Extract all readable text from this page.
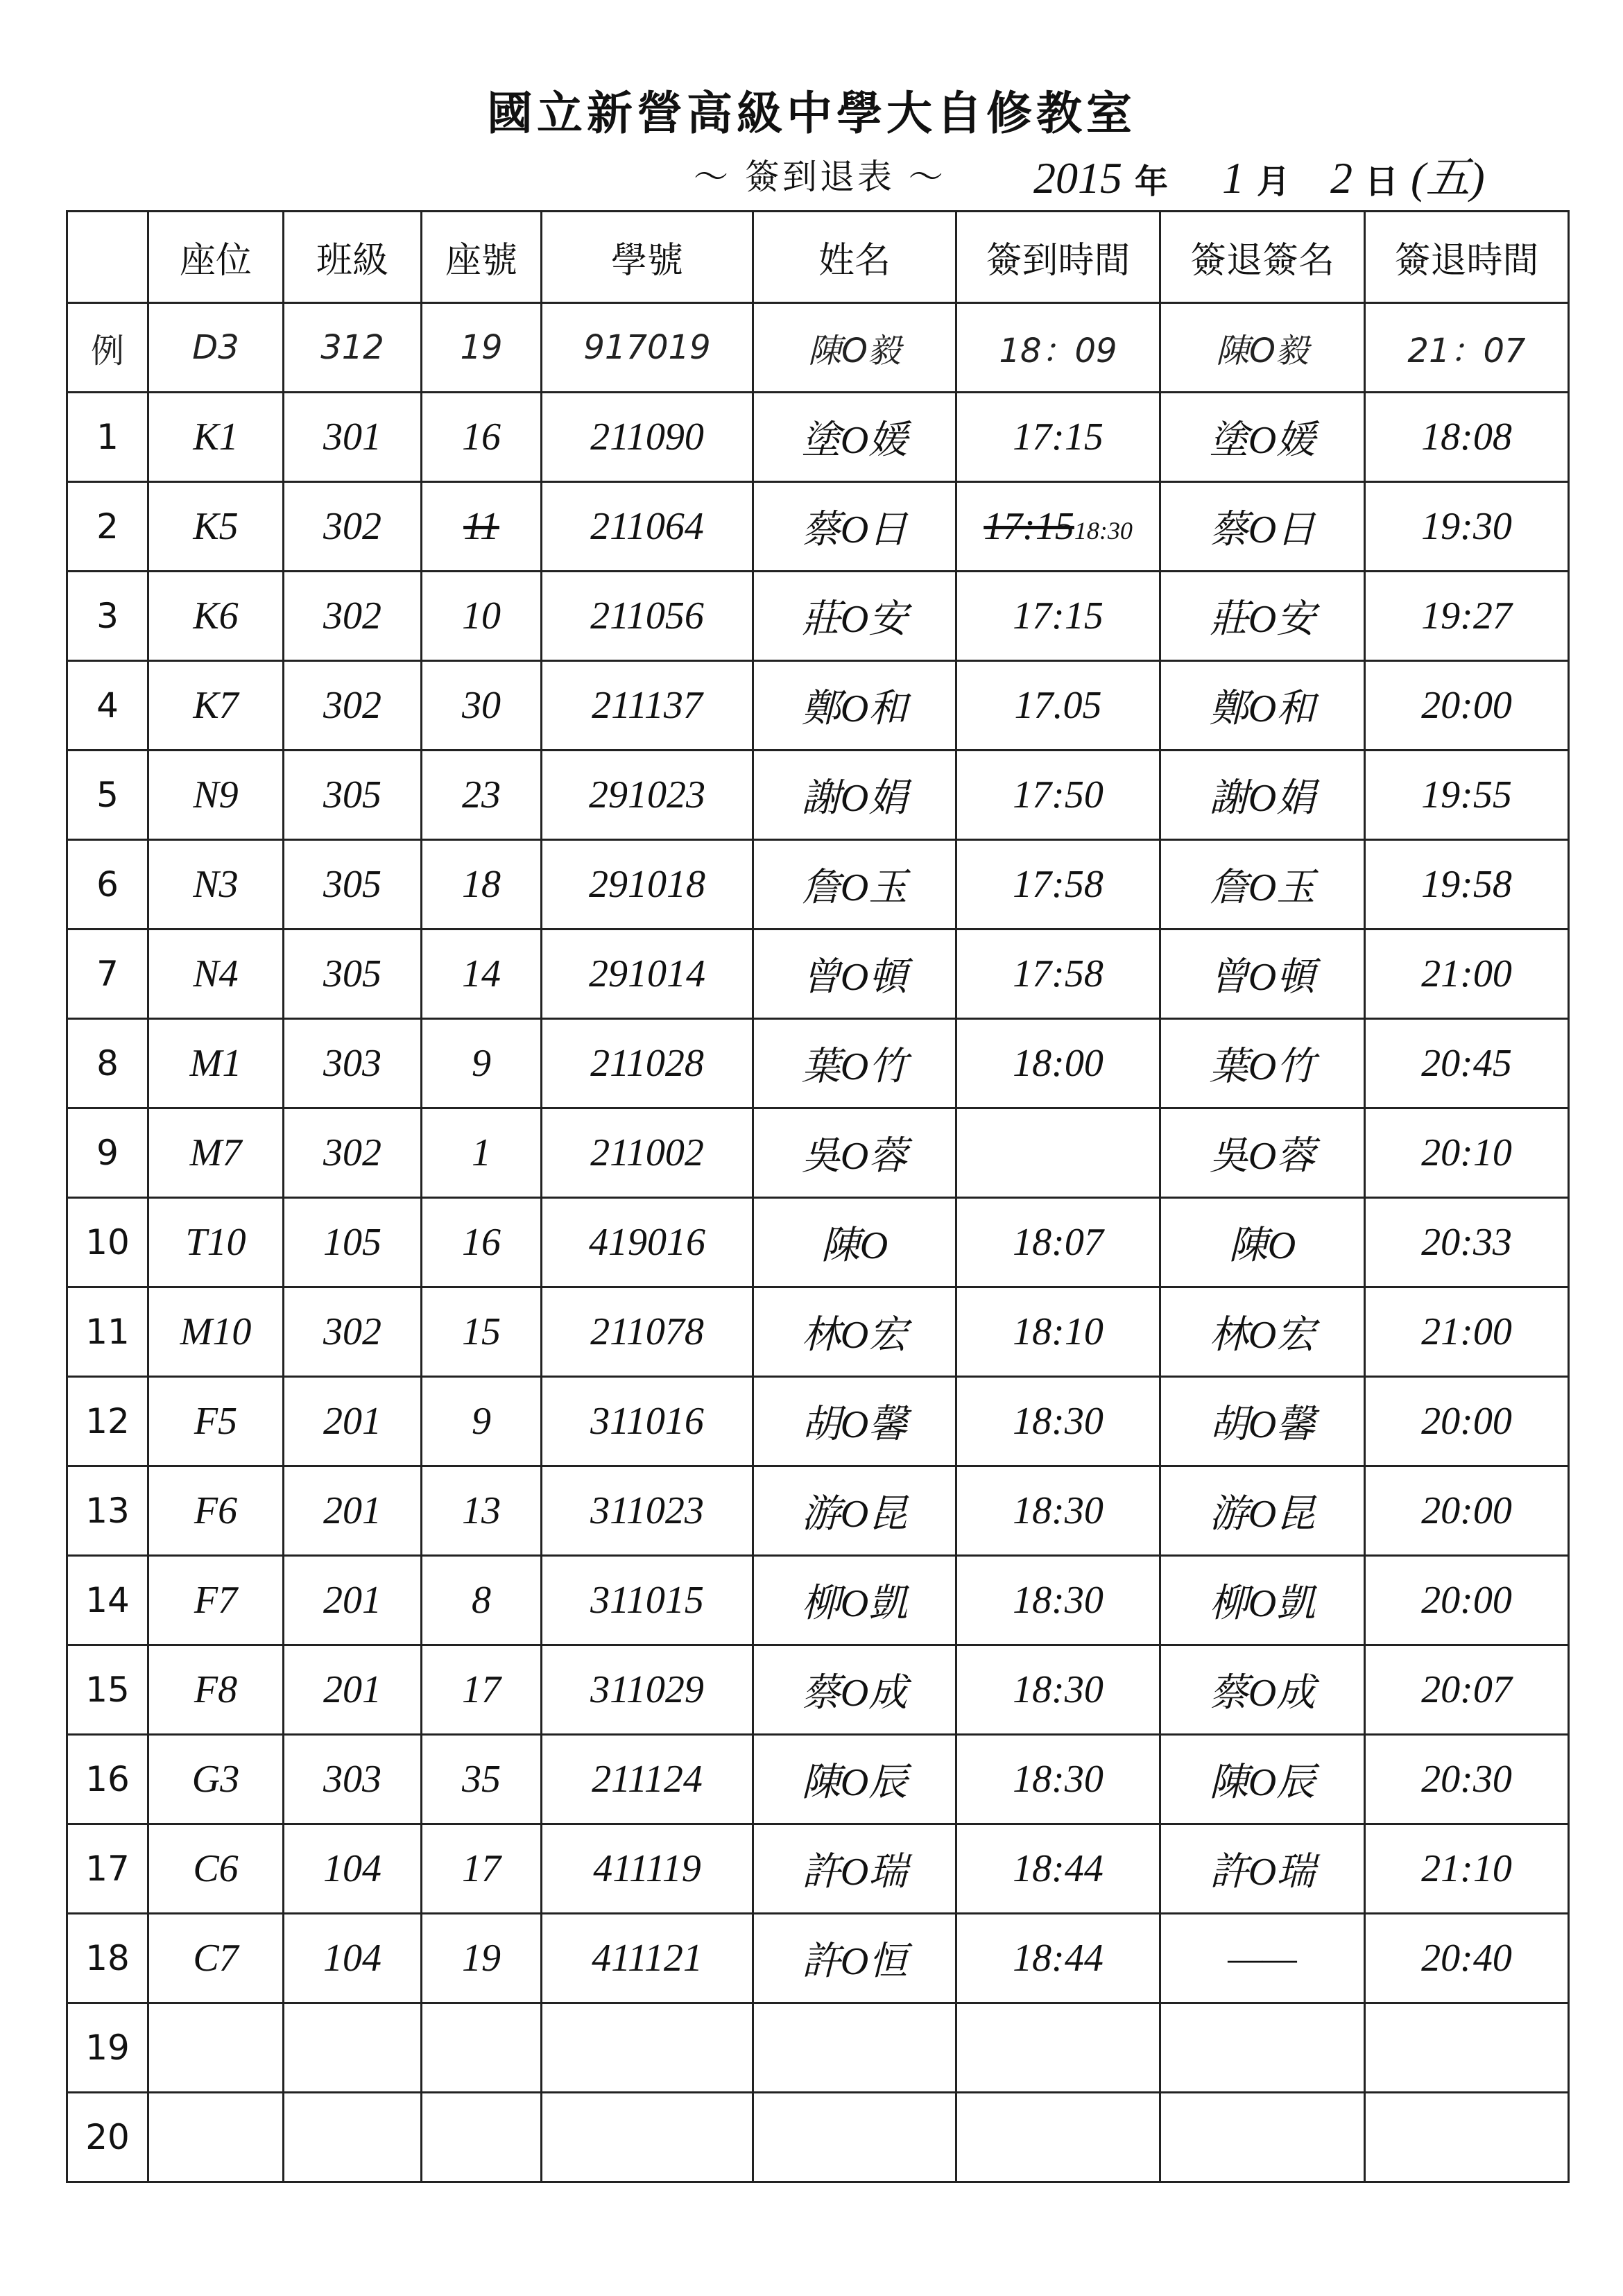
國立新營高級中學大自修教室
～ 簽到退表 ～ 2015 年 1 月 2 日 (五)
	座位	班級	座號	學號	姓名	簽到時間	簽退簽名	簽退時間
例	D3	312	19	917019	陳O毅	18：09	陳O毅	21：07
1	K1	301	16	211090	塗O媛	17:15	塗O媛	18:08
2	K5	302	11	211064	蔡O日	17:1518:30	蔡O日	19:30
3	K6	302	10	211056	莊O安	17:15	莊O安	19:27
4	K7	302	30	211137	鄭O和	17.05	鄭O和	20:00
5	N9	305	23	291023	謝O娟	17:50	謝O娟	19:55
6	N3	305	18	291018	詹O玉	17:58	詹O玉	19:58
7	N4	305	14	291014	曾O頓	17:58	曾O頓	21:00
8	M1	303	9	211028	葉O竹	18:00	葉O竹	20:45
9	M7	302	1	211002	吳O蓉		吳O蓉	20:10
10	T10	105	16	419016	陳O	18:07	陳O	20:33
11	M10	302	15	211078	林O宏	18:10	林O宏	21:00
12	F5	201	9	311016	胡O馨	18:30	胡O馨	20:00
13	F6	201	13	311023	游O昆	18:30	游O昆	20:00
14	F7	201	8	311015	柳O凱	18:30	柳O凱	20:00
15	F8	201	17	311029	蔡O成	18:30	蔡O成	20:07
16	G3	303	35	211124	陳O辰	18:30	陳O辰	20:30
17	C6	104	17	411119	許O瑞	18:44	許O瑞	21:10
18	C7	104	19	411121	許O恒	18:44	——	20:40
19								
20								
